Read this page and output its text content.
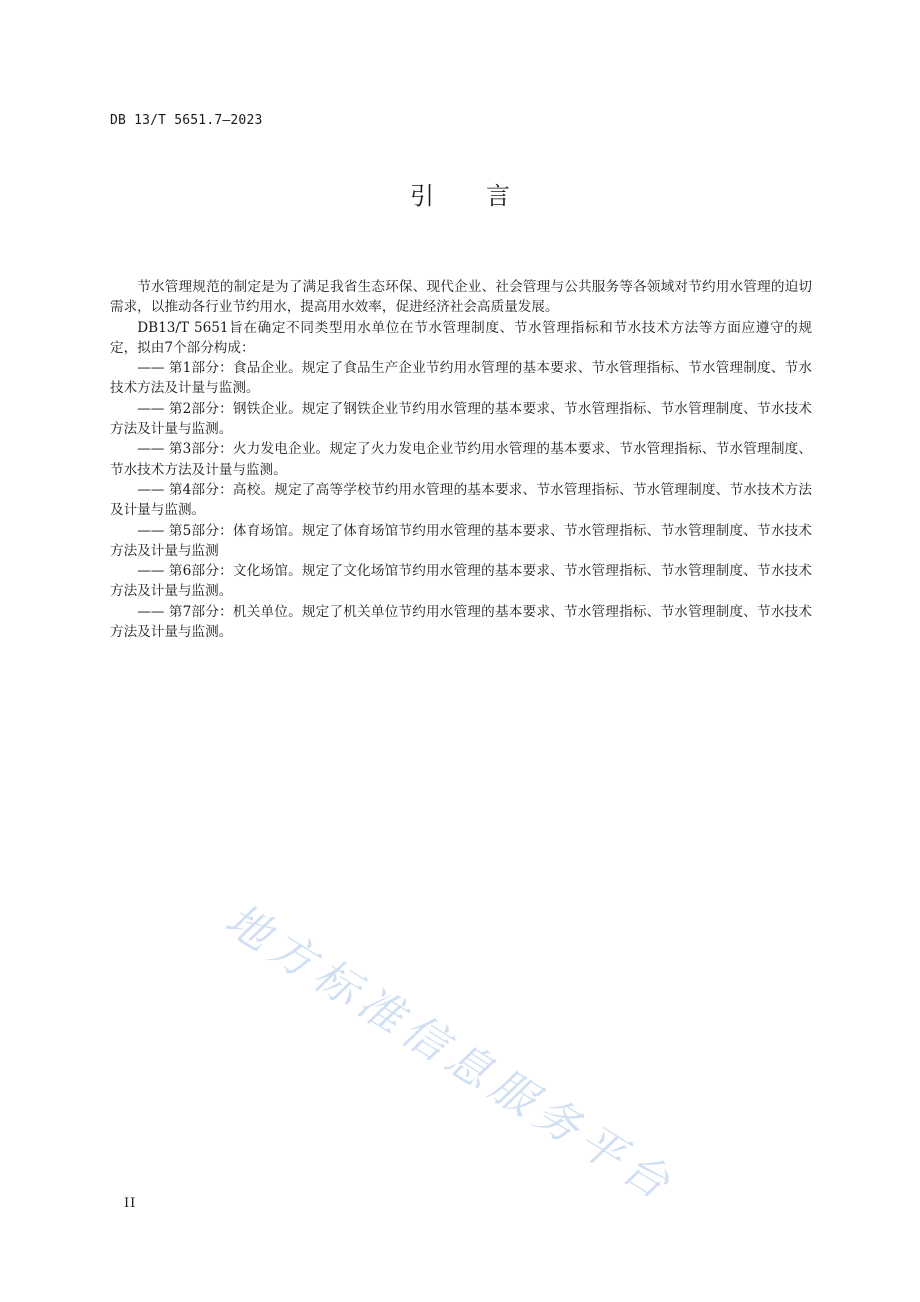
DB 13/T 5651.7—2023
引 言

节水管理规范的制定是为了满足我省生态环保、现代企业、社会管理与公共服务等各领域对节约用水管理的迫切需求，以推动各行业节约用水，提高用水效率，促进经济社会高质量发展。

DB13/T 5651旨在确定不同类型用水单位在节水管理制度、节水管理指标和节水技术方法等方面应遵守的规定，拟由7个部分构成：

—— 第1部分：食品企业。规定了食品生产企业节约用水管理的基本要求、节水管理指标、节水管理制度、节水技术方法及计量与监测。

—— 第2部分：钢铁企业。规定了钢铁企业节约用水管理的基本要求、节水管理指标、节水管理制度、节水技术方法及计量与监测。

—— 第3部分：火力发电企业。规定了火力发电企业节约用水管理的基本要求、节水管理指标、节水管理制度、节水技术方法及计量与监测。

—— 第4部分：高校。规定了高等学校节约用水管理的基本要求、节水管理指标、节水管理制度、节水技术方法及计量与监测。

—— 第5部分：体育场馆。规定了体育场馆节约用水管理的基本要求、节水管理指标、节水管理制度、节水技术方法及计量与监测

—— 第6部分：文化场馆。规定了文化场馆节约用水管理的基本要求、节水管理指标、节水管理制度、节水技术方法及计量与监测。

—— 第7部分：机关单位。规定了机关单位节约用水管理的基本要求、节水管理指标、节水管理制度、节水技术方法及计量与监测。

地方标准信息服务平台
II
